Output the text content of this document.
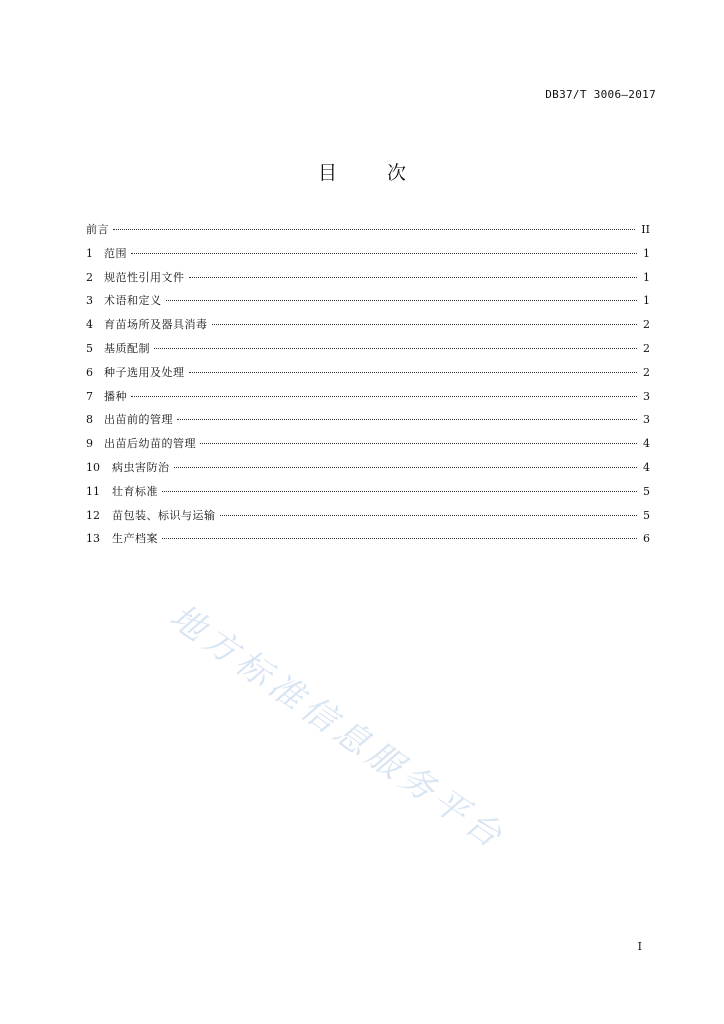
DB37/T 3006—2017
目 次
前言	II
1	范围	1
2	规范性引用文件	1
3	术语和定义	1
4	育苗场所及器具消毒	2
5	基质配制	2
6	种子选用及处理	2
7	播种	3
8	出苗前的管理	3
9	出苗后幼苗的管理	4
10	病虫害防治	4
11	壮育标准	5
12	苗包装、标识与运输	5
13	生产档案	6
地方标准信息服务平台
I
